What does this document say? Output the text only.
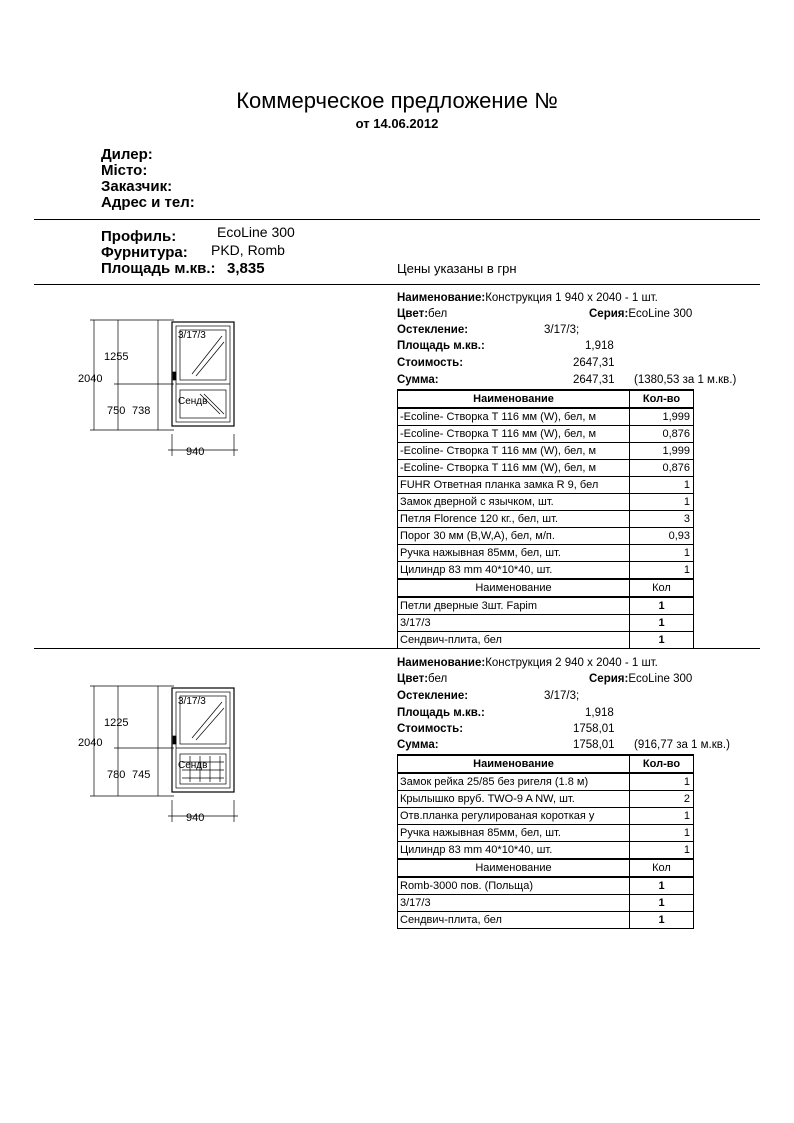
Коммерческое предложение №
от 14.06.2012
Дилер:
Місто:
Заказчик:
Адрес и тел:
Профиль:	EcoLine 300
Фурнитура: PKD, Romb
Площадь м.кв.: 3,835	Цены указаны в грн
1255
2040
750 738
940
3/17/3
Сендв
Наименование:Конструкция 1 940 x 2040 - 1 шт.
Цвет: бел	Серия:EcoLine 300
Остекление:	3/17/3;
Площадь м.кв.:	1,918
Стоимость:	2647,31
Сумма:	2647,31 (1380,53 за 1 м.кв.)
Наименование	Кол-во
-Ecoline- Створка Т 116 мм (W), бел, м	1,999
-Ecoline- Створка Т 116 мм (W), бел, м	0,876
-Ecoline- Створка Т 116 мм (W), бел, м	1,999
-Ecoline- Створка Т 116 мм (W), бел, м	0,876
FUHR Ответная планка замка R 9, бел	1
Замок дверной с язычком, шт.	1
Петля Florence 120 кг., бел, шт.	3
Порог 30 мм (B,W,A), бел, м/п.	0,93
Ручка нажывная 85мм, бел, шт.	1
Цилиндр 83 mm 40*10*40, шт.	1
Наименование	Кол
Петли дверные 3шт. Fapim	1
3/17/3	1
Сендвич-плита, бел	1
1225
2040
780 745
940
3/17/3
Сендв
Наименование:Конструкция 2 940 x 2040 - 1 шт.
Цвет: бел	Серия:EcoLine 300
Остекление:	3/17/3;
Площадь м.кв.:	1,918
Стоимость:	1758,01
Сумма:	1758,01 (916,77 за 1 м.кв.)
Наименование	Кол-во
Замок рейка 25/85 без ригеля (1.8 м)	1
Крылышко вруб. TWO-9 A NW, шт.	2
Отв.планка регулированая короткая у	1
Ручка нажывная 85мм, бел, шт.	1
Цилиндр 83 mm 40*10*40, шт.	1
Наименование	Кол
Romb-3000 пов. (Польща)	1
3/17/3	1
Сендвич-плита, бел	1
